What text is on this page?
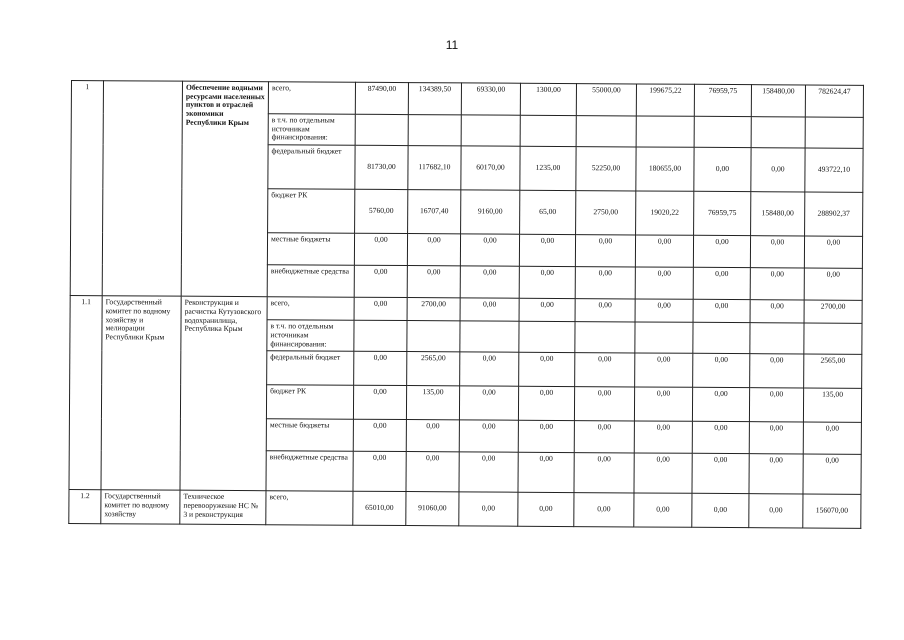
11
1		Обеспечение водными ресурсами населенных пунктов и отраслей экономики Республики Крым	всего,	87490,00	134389,50	69330,00	1300,00	55000,00	199675,22	76959,75	158480,00	782624,47
			в т.ч. по отдельным источникам финансирования:									
			федеральный бюджет	81730,00	117682,10	60170,00	1235,00	52250,00	180655,00	0,00	0,00	493722,10
			бюджет РК	5760,00	16707,40	9160,00	65,00	2750,00	19020,22	76959,75	158480,00	288902,37
			местные бюджеты	0,00	0,00	0,00	0,00	0,00	0,00	0,00	0,00	0,00
			внебюджетные средства	0,00	0,00	0,00	0,00	0,00	0,00	0,00	0,00	0,00
1.1	Государственный комитет по водному хозяйству и мелиорации Республики Крым	Реконструкция и расчистка Кутузовского водохранилища, Республика Крым	всего,	0,00	2700,00	0,00	0,00	0,00	0,00	0,00	0,00	2700,00
			в т.ч. по отдельным источникам финансирования:									
			федеральный бюджет	0,00	2565,00	0,00	0,00	0,00	0,00	0,00	0,00	2565,00
			бюджет РК	0,00	135,00	0,00	0,00	0,00	0,00	0,00	0,00	135,00
			местные бюджеты	0,00	0,00	0,00	0,00	0,00	0,00	0,00	0,00	0,00
			внебюджетные средства	0,00	0,00	0,00	0,00	0,00	0,00	0,00	0,00	0,00
1.2	Государственный комитет по водному хозяйству	Техническое перевооружение НС № 3 и реконструкция	всего,	65010,00	91060,00	0,00	0,00	0,00	0,00	0,00	0,00	156070,00
